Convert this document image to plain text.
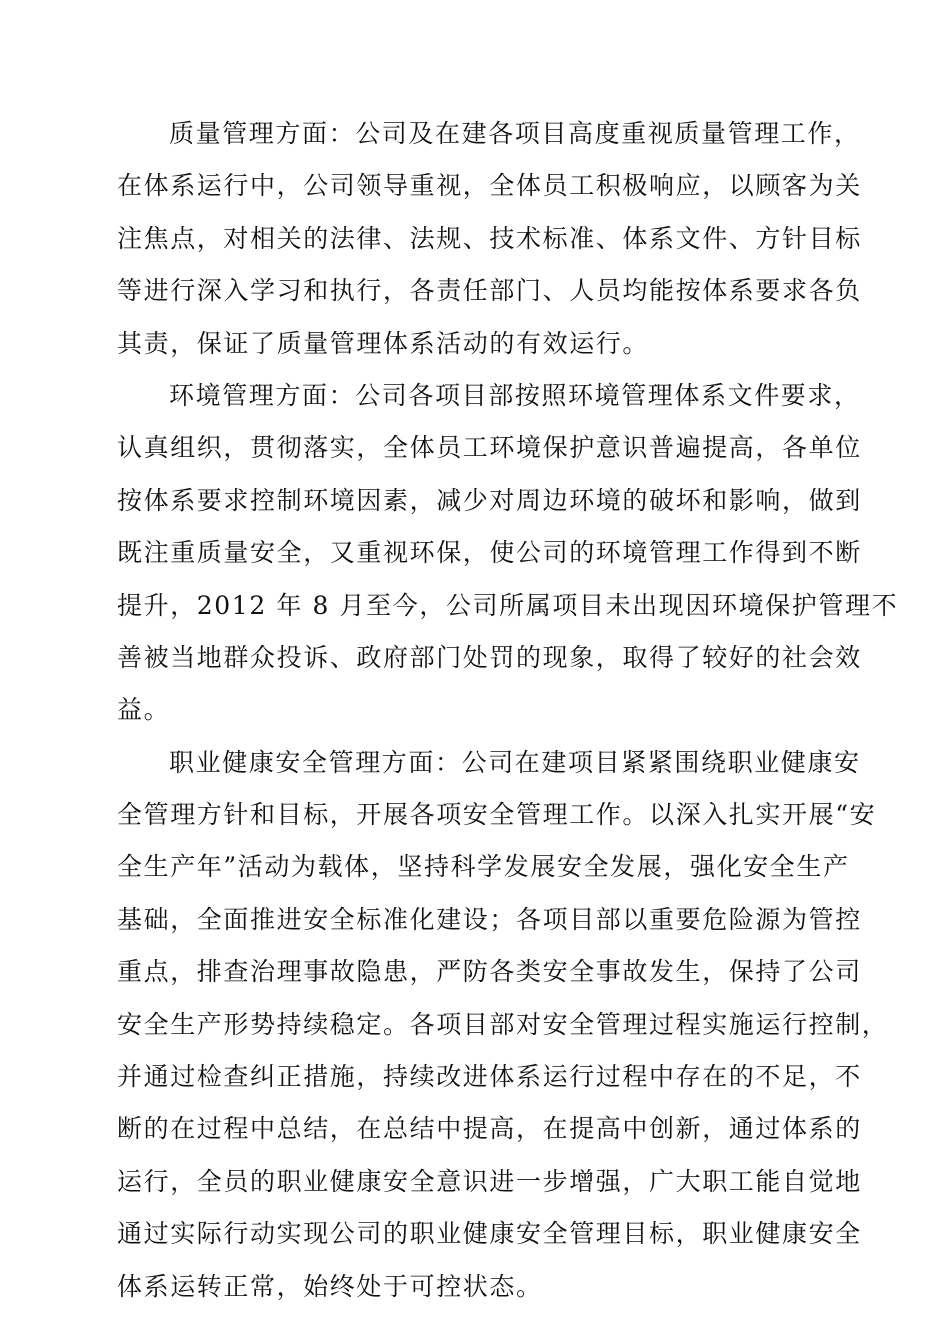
质量管理方面：公司及在建各项目高度重视质量管理工作，
在体系运行中，公司领导重视，全体员工积极响应，以顾客为关
注焦点，对相关的法律、法规、技术标准、体系文件、方针目标
等进行深入学习和执行，各责任部门、人员均能按体系要求各负
其责，保证了质量管理体系活动的有效运行。
环境管理方面：公司各项目部按照环境管理体系文件要求，
认真组织，贯彻落实，全体员工环境保护意识普遍提高，各单位
按体系要求控制环境因素，减少对周边环境的破坏和影响，做到
既注重质量安全，又重视环保，使公司的环境管理工作得到不断
提升，2012 年 8 月至今，公司所属项目未出现因环境保护管理不
善被当地群众投诉、政府部门处罚的现象，取得了较好的社会效
益。
职业健康安全管理方面：公司在建项目紧紧围绕职业健康安
全管理方针和目标，开展各项安全管理工作。以深入扎实开展“安
全生产年”活动为载体，坚持科学发展安全发展，强化安全生产
基础，全面推进安全标准化建设；各项目部以重要危险源为管控
重点，排查治理事故隐患，严防各类安全事故发生，保持了公司
安全生产形势持续稳定。各项目部对安全管理过程实施运行控制，
并通过检查纠正措施，持续改进体系运行过程中存在的不足，不
断的在过程中总结，在总结中提高，在提高中创新，通过体系的
运行，全员的职业健康安全意识进一步增强，广大职工能自觉地
通过实际行动实现公司的职业健康安全管理目标，职业健康安全
体系运转正常，始终处于可控状态。
